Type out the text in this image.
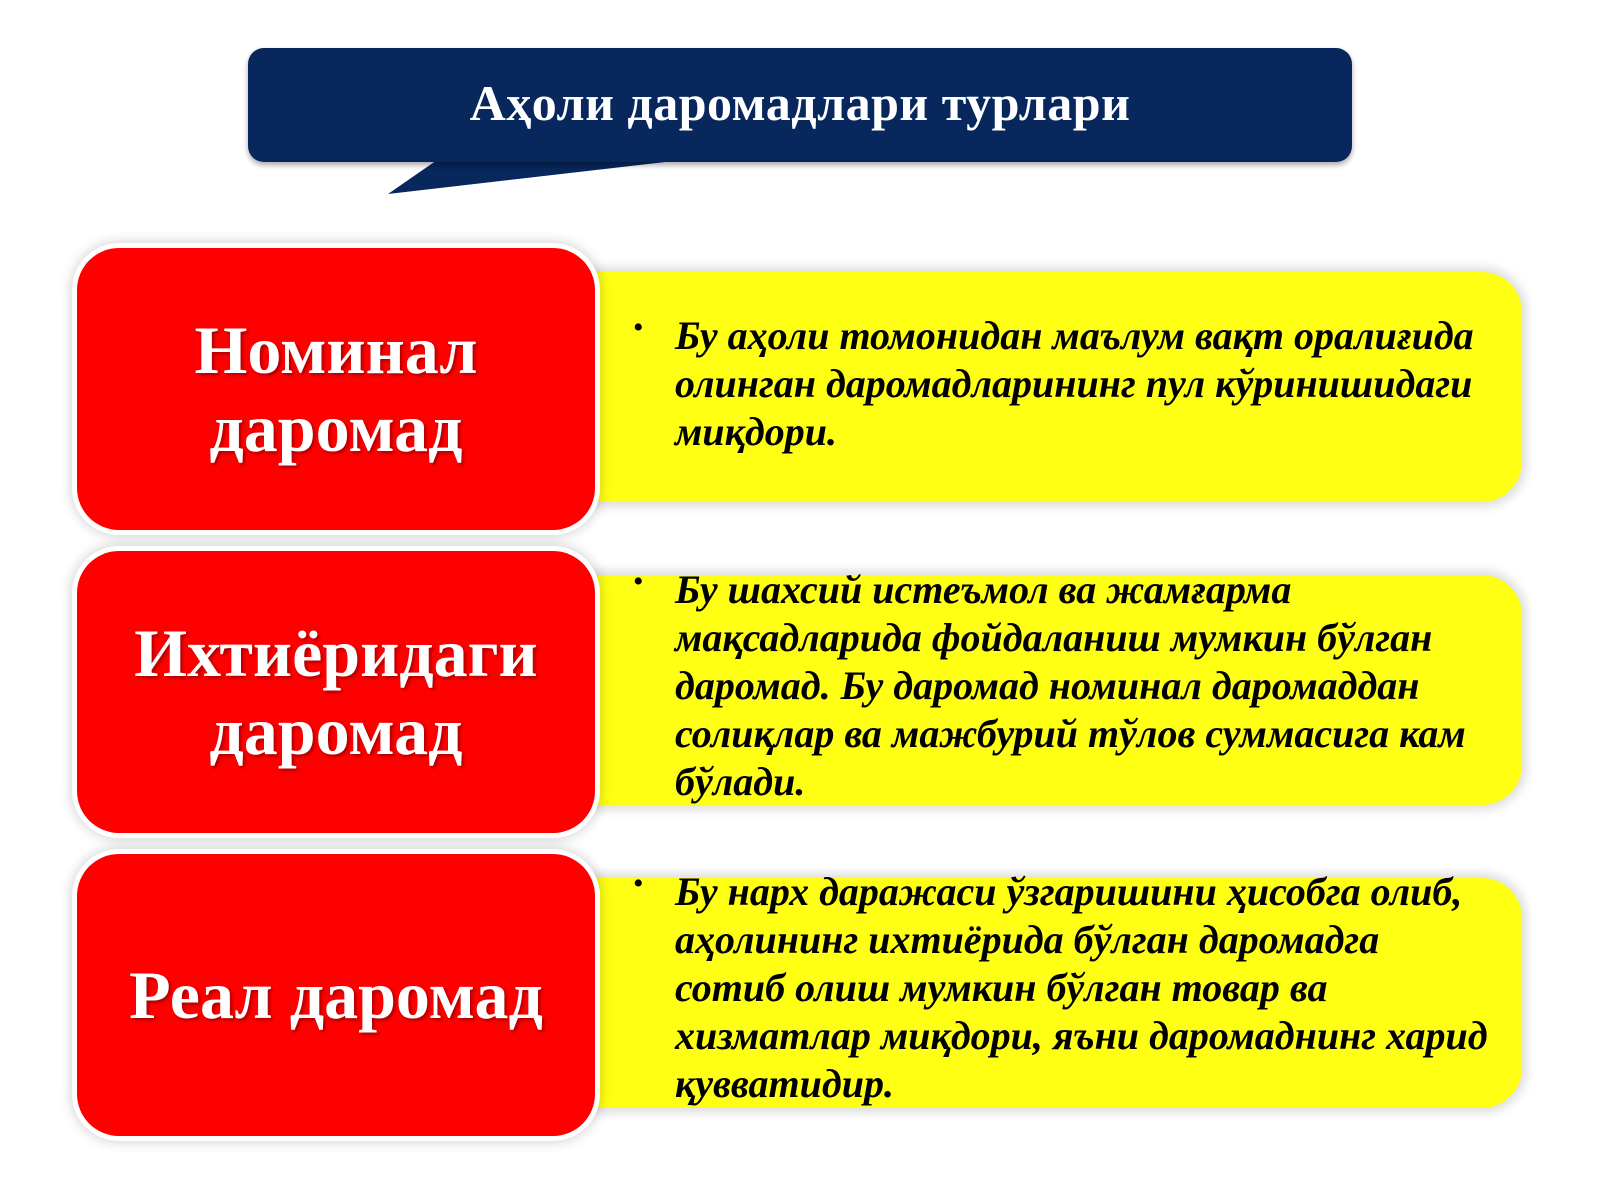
Аҳоли даромадлари турлари
Номинал
даромад
• Бу аҳоли томонидан маълум вақт оралиғида олинган даромадларининг пул кўринишидаги миқдори.
Ихтиёридаги
даромад
• Бу шахсий истеъмол ва жамғарма мақсадларида фойдаланиш мумкин бўлган даромад. Бу даромад номинал даромаддан солиқлар ва мажбурий тўлов суммасига кам бўлади.
Реал даромад
• Бу нарх даражаси ўзгаришини ҳисобга олиб, аҳолининг ихтиёрида бўлган даромадга сотиб олиш мумкин бўлган товар ва хизматлар миқдори, яъни даромаднинг харид қувватидир.
